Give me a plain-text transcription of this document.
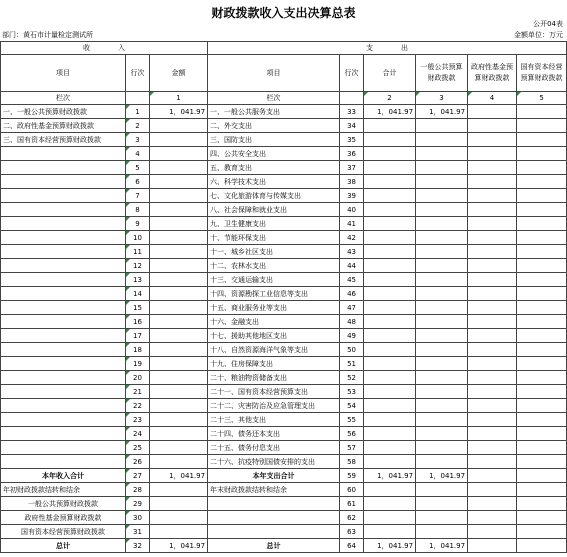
财政拨款收入支出决算总表
公开04表
部门：黄石市计量检定测试所	金额单位：万元
收　　　　入			支　　　　出					
项目	行次	金额	项目	行次	合计	一般公共预算财政拨款	政府性基金预算财政拨款	国有资本经营预算财政拨款
栏次		1	栏次		2	3	4	5
一、一般公共预算财政拨款	1	1，041.97	一、一般公共服务支出	33	1，041.97	1，041.97		
二、政府性基金预算财政拨款	2		二、外交支出	34				
三、国有资本经营预算财政拨款	3		三、国防支出	35				
	4		四、公共安全支出	36				
	5		五、教育支出	37				
	6		六、科学技术支出	38				
	7		七、文化旅游体育与传媒支出	39				
	8		八、社会保障和就业支出	40				
	9		九、卫生健康支出	41				
	10		十、节能环保支出	42				
	11		十一、城乡社区支出	43				
	12		十二、农林水支出	44				
	13		十三、交通运输支出	45				
	14		十四、资源勘探工业信息等支出	46				
	15		十五、商业服务业等支出	47				
	16		十六、金融支出	48				
	17		十七、援助其他地区支出	49				
	18		十八、自然资源海洋气象等支出	50				
	19		十九、住房保障支出	51				
	20		二十、粮油物资储备支出	52				
	21		二十一、国有资本经营预算支出	53				
	22		二十二、灾害防治及应急管理支出	54				
	23		二十三、其他支出	55				
	24		二十四、债务还本支出	56				
	25		二十五、债务付息支出	57				
	26		二十六、抗疫特别国债安排的支出	58				
本年收入合计	27	1，041.97	本年支出合计	59	1，041.97	1，041.97		
年初财政拨款结转和结余	28		年末财政拨款结转和结余	60				
一般公共预算财政拨款	29			61				
政府性基金预算财政拨款	30			62				
国有资本经营预算财政拨款	31			63				
总计	32	1，041.97	总计	64	1，041.97	1，041.97		
